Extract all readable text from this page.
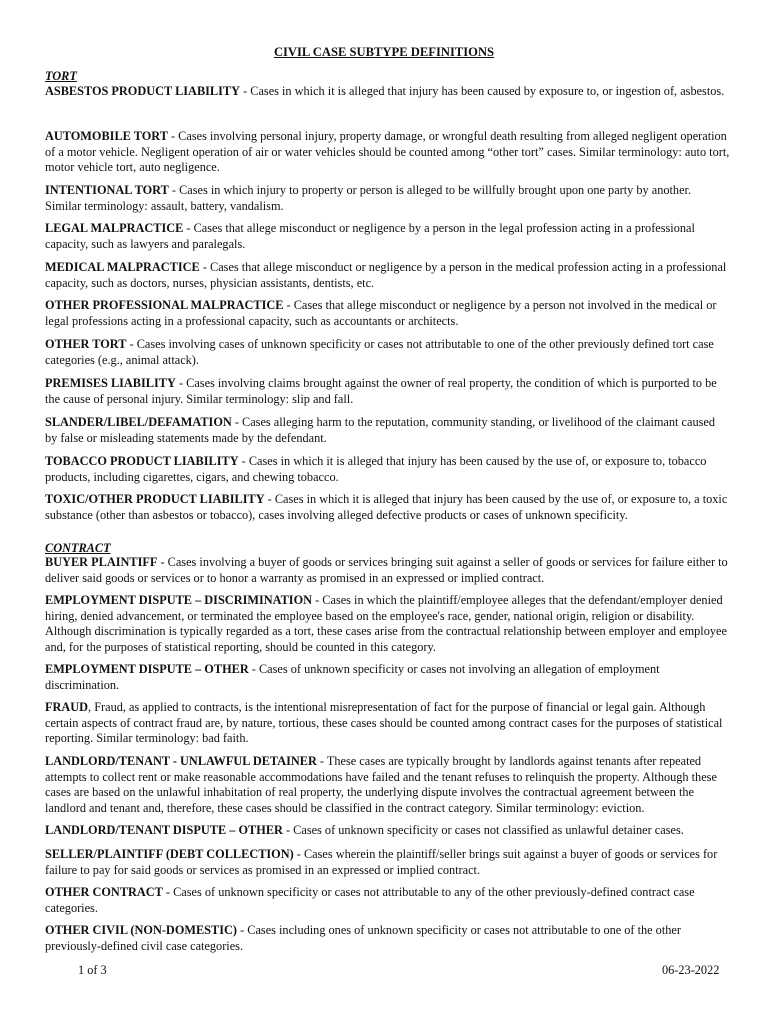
CIVIL CASE SUBTYPE DEFINITIONS
TORT
ASBESTOS PRODUCT LIABILITY - Cases in which it is alleged that injury has been caused by exposure to, or ingestion of, asbestos.
AUTOMOBILE TORT - Cases involving personal injury, property damage, or wrongful death resulting from alleged negligent operation of a motor vehicle. Negligent operation of air or water vehicles should be counted among “other tort” cases. Similar terminology: auto tort, motor vehicle tort, auto negligence.
INTENTIONAL TORT - Cases in which injury to property or person is alleged to be willfully brought upon one party by another. Similar terminology: assault, battery, vandalism.
LEGAL MALPRACTICE - Cases that allege misconduct or negligence by a person in the legal profession acting in a professional capacity, such as lawyers and paralegals.
MEDICAL MALPRACTICE - Cases that allege misconduct or negligence by a person in the medical profession acting in a professional capacity, such as doctors, nurses, physician assistants, dentists, etc.
OTHER PROFESSIONAL MALPRACTICE - Cases that allege misconduct or negligence by a person not involved in the medical or legal professions acting in a professional capacity, such as accountants or architects.
OTHER TORT - Cases involving cases of unknown specificity or cases not attributable to one of the other previously defined tort case categories (e.g., animal attack).
PREMISES LIABILITY - Cases involving claims brought against the owner of real property, the condition of which is purported to be the cause of personal injury. Similar terminology: slip and fall.
SLANDER/LIBEL/DEFAMATION - Cases alleging harm to the reputation, community standing, or livelihood of the claimant caused by false or misleading statements made by the defendant.
TOBACCO PRODUCT LIABILITY - Cases in which it is alleged that injury has been caused by the use of, or exposure to, tobacco products, including cigarettes, cigars, and chewing tobacco.
TOXIC/OTHER PRODUCT LIABILITY - Cases in which it is alleged that injury has been caused by the use of, or exposure to, a toxic substance (other than asbestos or tobacco), cases involving alleged defective products or cases of unknown specificity.
CONTRACT
BUYER PLAINTIFF - Cases involving a buyer of goods or services bringing suit against a seller of goods or services for failure either to deliver said goods or services or to honor a warranty as promised in an expressed or implied contract.
EMPLOYMENT DISPUTE – DISCRIMINATION - Cases in which the plaintiff/employee alleges that the defendant/employer denied hiring, denied advancement, or terminated the employee based on the employee's race, gender, national origin, religion or disability. Although discrimination is typically regarded as a tort, these cases arise from the contractual relationship between employer and employee and, for the purposes of statistical reporting, should be counted in this category.
EMPLOYMENT DISPUTE – OTHER - Cases of unknown specificity or cases not involving an allegation of employment discrimination.
FRAUD, Fraud, as applied to contracts, is the intentional misrepresentation of fact for the purpose of financial or legal gain. Although certain aspects of contract fraud are, by nature, tortious, these cases should be counted among contract cases for the purposes of statistical reporting. Similar terminology: bad faith.
LANDLORD/TENANT - UNLAWFUL DETAINER - These cases are typically brought by landlords against tenants after repeated attempts to collect rent or make reasonable accommodations have failed and the tenant refuses to relinquish the property. Although these cases are based on the unlawful inhabitation of real property, the underlying dispute involves the contractual agreement between the landlord and tenant and, therefore, these cases should be classified in the contract category. Similar terminology: eviction.
LANDLORD/TENANT DISPUTE – OTHER - Cases of unknown specificity or cases not classified as unlawful detainer cases.
SELLER/PLAINTIFF (DEBT COLLECTION) - Cases wherein the plaintiff/seller brings suit against a buyer of goods or services for failure to pay for said goods or services as promised in an expressed or implied contract.
OTHER CONTRACT - Cases of unknown specificity or cases not attributable to any of the other previously-defined contract case categories.
OTHER CIVIL (NON-DOMESTIC) - Cases including ones of unknown specificity or cases not attributable to one of the other previously-defined civil case categories.
1 of 3	06-23-2022
